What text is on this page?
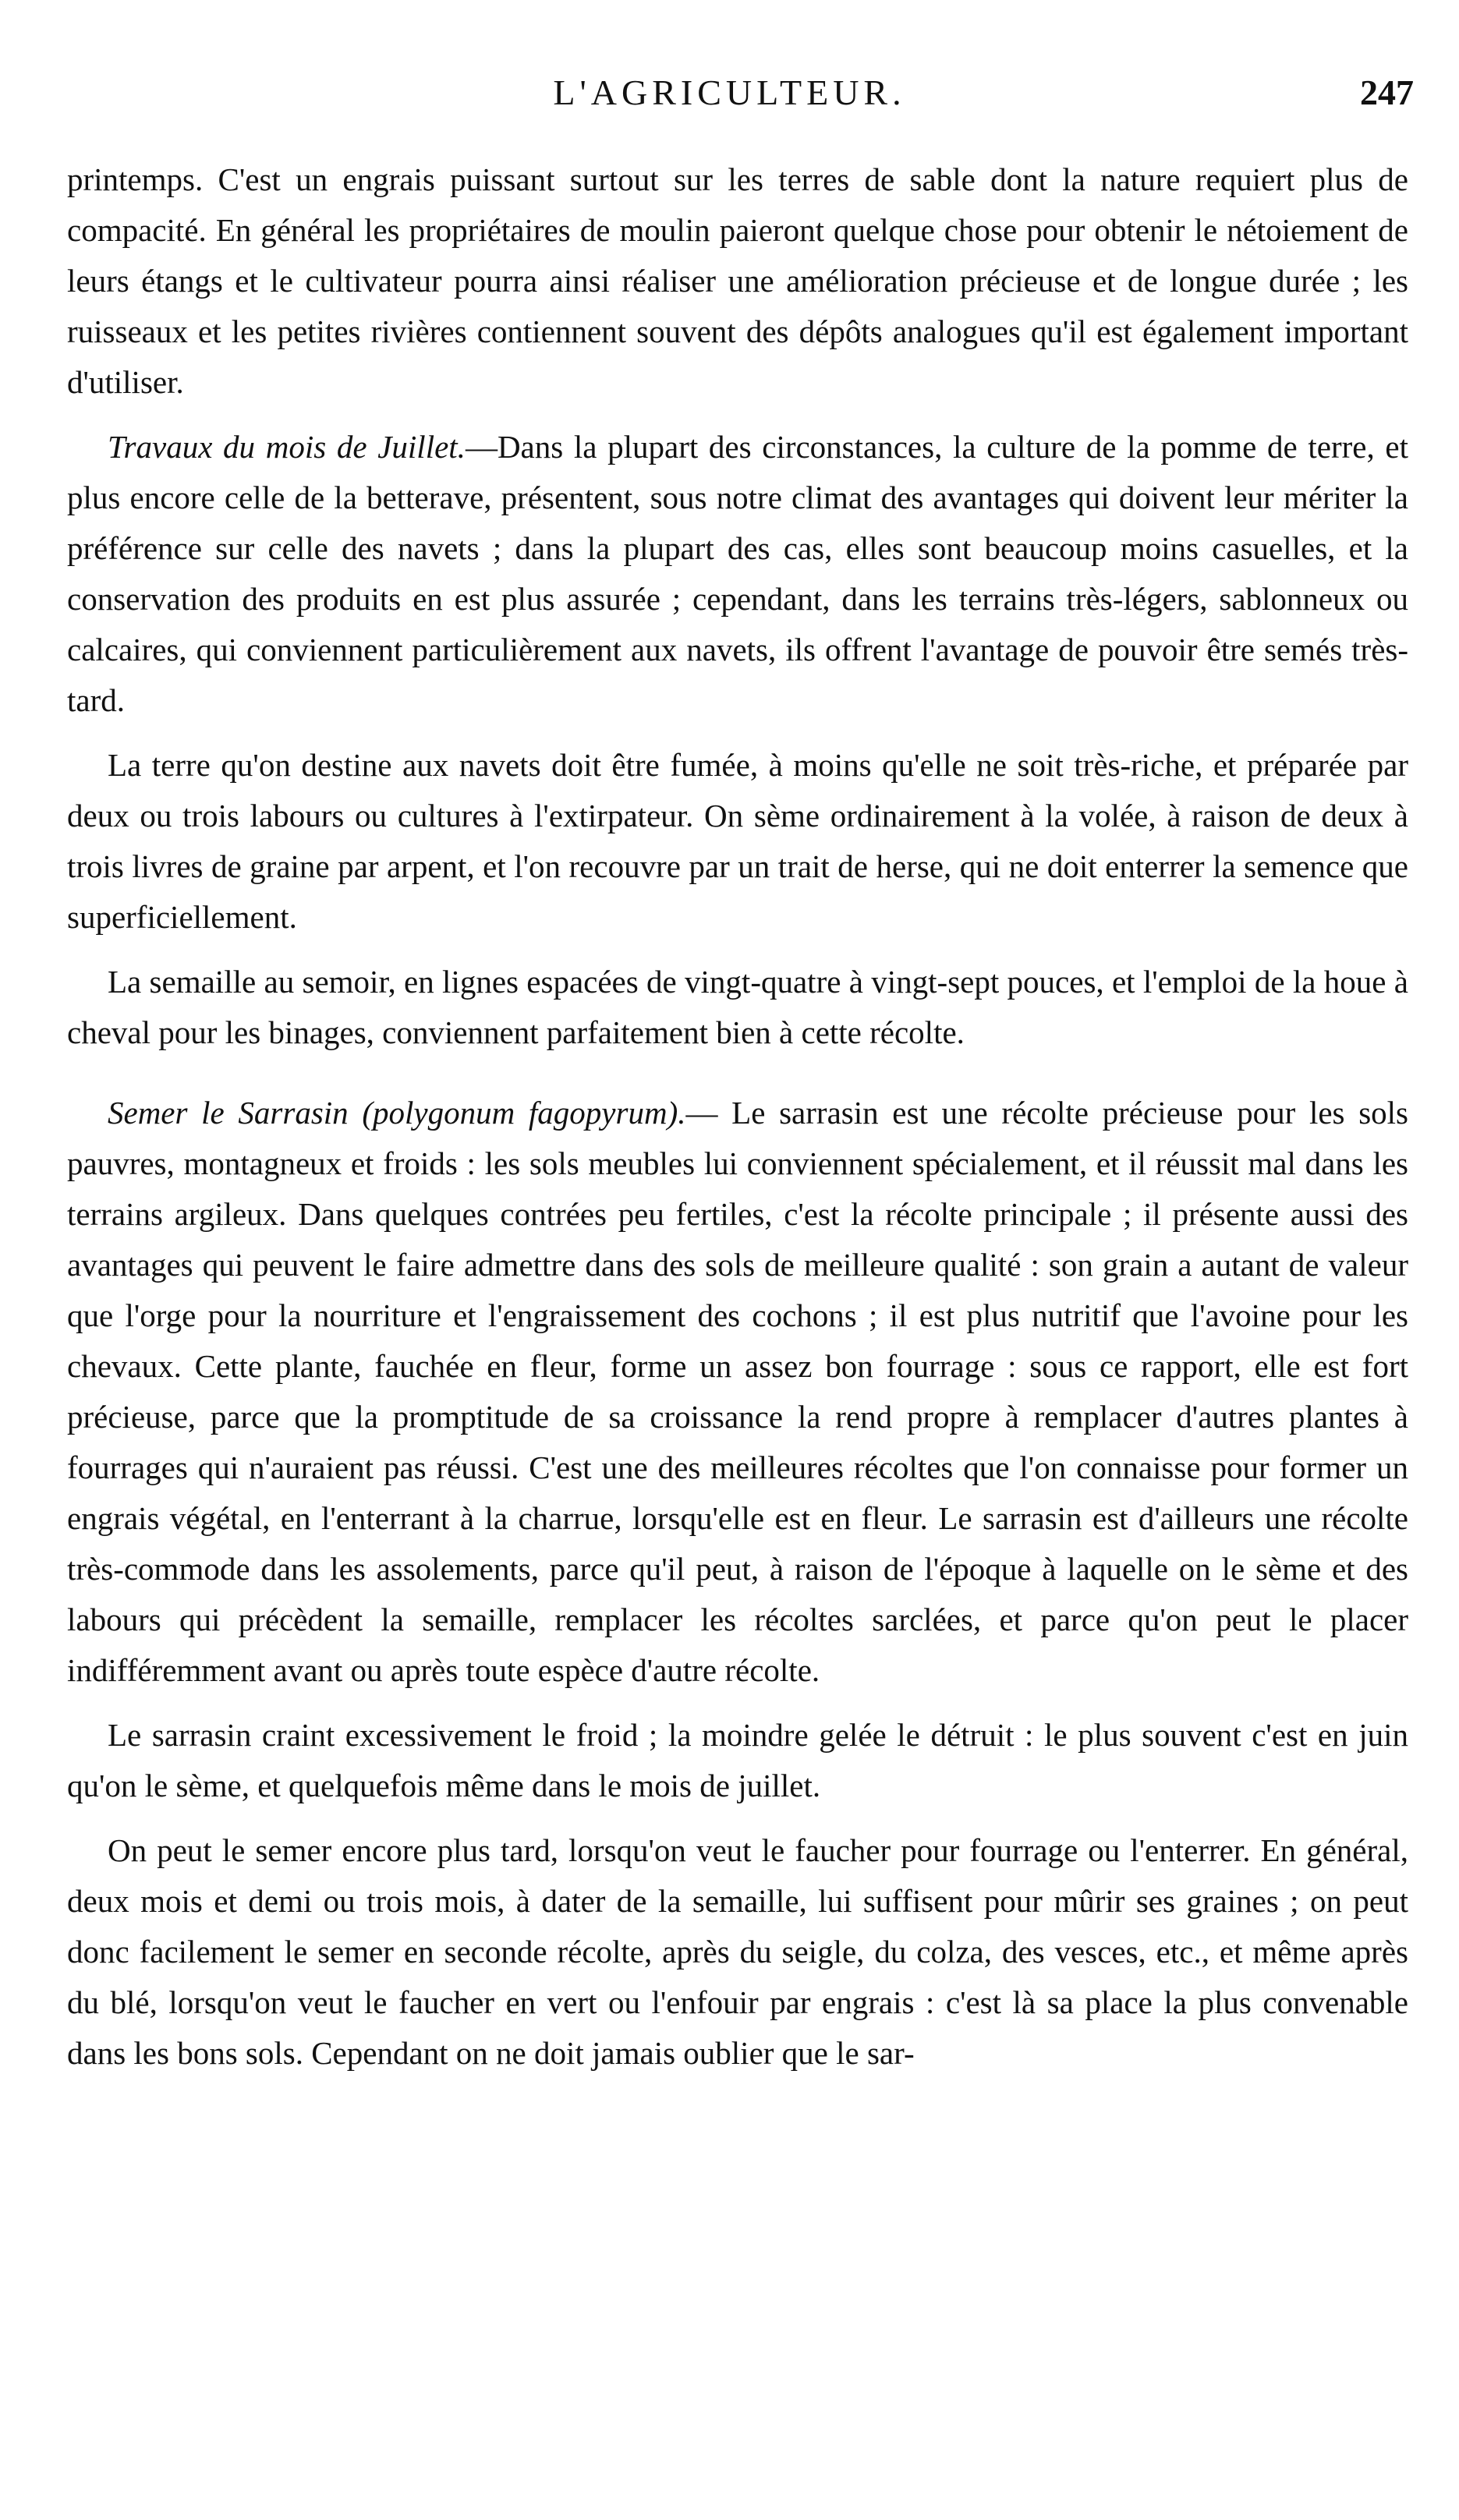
L'AGRICULTEUR.	247

printemps. C'est un engrais puissant surtout sur les terres de sable dont la nature requiert plus de compacité. En général les propriétaires de moulin paieront quelque chose pour obtenir le nétoiement de leurs étangs et le cultivateur pourra ainsi réaliser une amélioration précieuse et de longue durée ; les ruisseaux et les petites rivières contiennent souvent des dépôts analogues qu'il est également important d'utiliser.

Travaux du mois de Juillet.—Dans la plupart des circonstances, la culture de la pomme de terre, et plus encore celle de la betterave, présentent, sous notre climat des avantages qui doivent leur mériter la préférence sur celle des navets ; dans la plupart des cas, elles sont beaucoup moins casuelles, et la conservation des produits en est plus assurée ; cependant, dans les terrains très-légers, sablonneux ou calcaires, qui conviennent particulièrement aux navets, ils offrent l'avantage de pouvoir être semés très-tard.

La terre qu'on destine aux navets doit être fumée, à moins qu'elle ne soit très-riche, et préparée par deux ou trois labours ou cultures à l'extirpateur. On sème ordinairement à la volée, à raison de deux à trois livres de graine par arpent, et l'on recouvre par un trait de herse, qui ne doit enterrer la semence que superficiellement.

La semaille au semoir, en lignes espacées de vingt-quatre à vingt-sept pouces, et l'emploi de la houe à cheval pour les binages, conviennent parfaitement bien à cette récolte.

Semer le Sarrasin (polygonum fagopyrum).— Le sarrasin est une récolte précieuse pour les sols pauvres, montagneux et froids : les sols meubles lui conviennent spécialement, et il réussit mal dans les terrains argileux. Dans quelques contrées peu fertiles, c'est la récolte principale ; il présente aussi des avantages qui peuvent le faire admettre dans des sols de meilleure qualité : son grain a autant de valeur que l'orge pour la nourriture et l'engraissement des cochons ; il est plus nutritif que l'avoine pour les chevaux. Cette plante, fauchée en fleur, forme un assez bon fourrage : sous ce rapport, elle est fort précieuse, parce que la promptitude de sa croissance la rend propre à remplacer d'autres plantes à fourrages qui n'auraient pas réussi. C'est une des meilleures récoltes que l'on connaisse pour former un engrais végétal, en l'enterrant à la charrue, lorsqu'elle est en fleur. Le sarrasin est d'ailleurs une récolte très-commode dans les assolements, parce qu'il peut, à raison de l'époque à laquelle on le sème et des labours qui précèdent la semaille, remplacer les récoltes sarclées, et parce qu'on peut le placer indifféremment avant ou après toute espèce d'autre récolte.

Le sarrasin craint excessivement le froid ; la moindre gelée le détruit : le plus souvent c'est en juin qu'on le sème, et quelquefois même dans le mois de juillet.

On peut le semer encore plus tard, lorsqu'on veut le faucher pour fourrage ou l'enterrer. En général, deux mois et demi ou trois mois, à dater de la semaille, lui suffisent pour mûrir ses graines ; on peut donc facilement le semer en seconde récolte, après du seigle, du colza, des vesces, etc., et même après du blé, lorsqu'on veut le faucher en vert ou l'enfouir par engrais : c'est là sa place la plus convenable dans les bons sols. Cependant on ne doit jamais oublier que le sar-
